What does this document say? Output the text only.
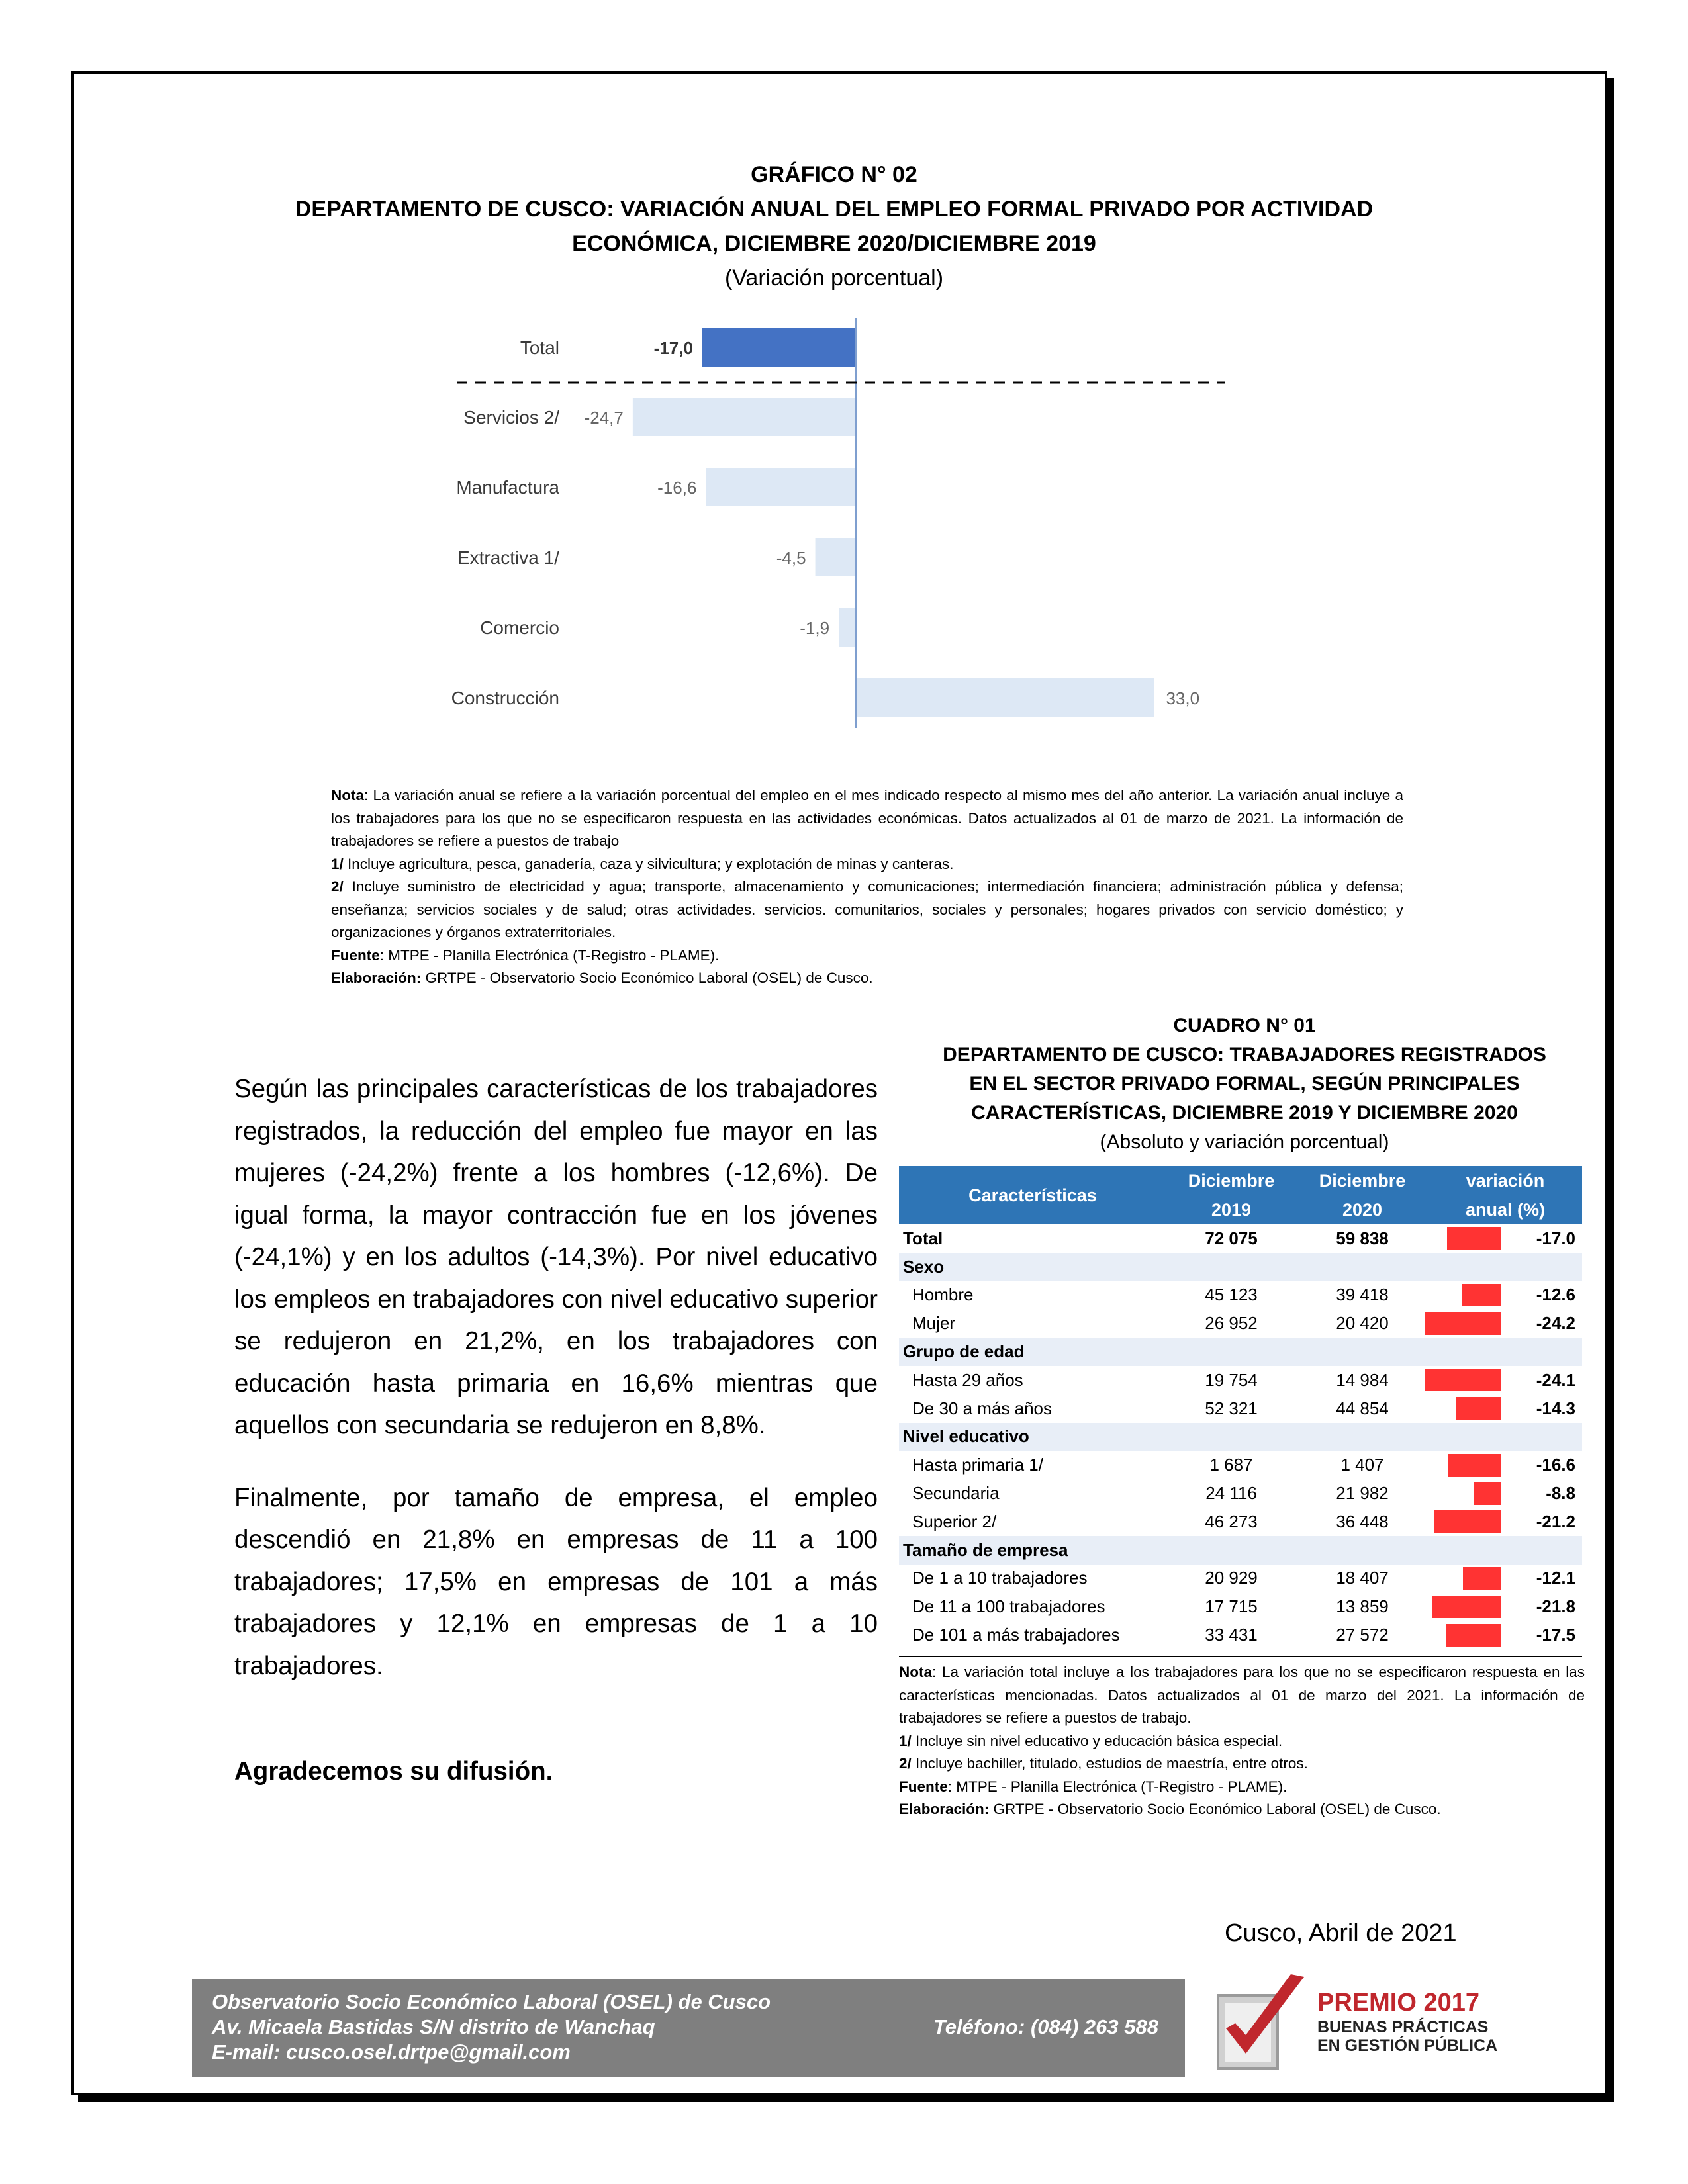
GRÁFICO N° 02
DEPARTAMENTO DE CUSCO: VARIACIÓN ANUAL DEL EMPLEO FORMAL PRIVADO POR ACTIVIDAD
ECONÓMICA, DICIEMBRE 2020/DICIEMBRE 2019
(Variación porcentual)
Total	-17,0
Servicios 2/ -24,7
Manufactura	-16,6
Extractiva 1/	-4,5
Comercio	-1,9
Construcción	33,0

Nota: La variación anual se refiere a la variación porcentual del empleo en el mes indicado respecto al mismo mes del año anterior. La variación anual incluye a los trabajadores para los que no se especificaron respuesta en las actividades económicas. Datos actualizados al 01 de marzo de 2021. La información de trabajadores se refiere a puestos de trabajo

1/ Incluye agricultura, pesca, ganadería, caza y silvicultura; y explotación de minas y canteras.

2/ Incluye suministro de electricidad y agua; transporte, almacenamiento y comunicaciones; intermediación financiera; administración pública y defensa; enseñanza; servicios sociales y de salud; otras actividades. servicios. comunitarios, sociales y personales; hogares privados con servicio doméstico; y organizaciones y órganos extraterritoriales.

Fuente: MTPE - Planilla Electrónica (T-Registro - PLAME).

Elaboración: GRTPE - Observatorio Socio Económico Laboral (OSEL) de Cusco.

Según las principales características de los trabajadores registrados, la reducción del empleo fue mayor en las mujeres (-24,2%) frente a los hombres (-12,6%). De igual forma, la mayor contracción fue en los jóvenes (-24,1%) y en los adultos (-14,3%). Por nivel educativo los empleos en trabajadores con nivel educativo superior se redujeron en 21,2%, en los trabajadores con educación hasta primaria en 16,6% mientras que aquellos con secundaria se redujeron en 8,8%.

Finalmente, por tamaño de empresa, el empleo descendió en 21,8% en empresas de 11 a 100 trabajadores; 17,5% en empresas de 101 a más trabajadores y 12,1% en empresas de 1 a 10 trabajadores.

Agradecemos su difusión.

CUADRO N° 01
DEPARTAMENTO DE CUSCO: TRABAJADORES REGISTRADOS
EN EL SECTOR PRIVADO FORMAL, SEGÚN PRINCIPALES
CARACTERÍSTICAS, DICIEMBRE 2019 Y DICIEMBRE 2020
(Absoluto y variación porcentual)
Características	Diciembre	Diciembre	variación	
	2019	2020	anual (%)	
Total	72 075	59 838		-17.0
Sexo				
Hombre	45 123	39 418		-12.6
Mujer	26 952	20 420		-24.2
Grupo de edad				
Hasta 29 años	19 754	14 984		-24.1
De 30 a más años	52 321	44 854		-14.3
Nivel educativo				
Hasta primaria 1/	1 687	1 407		-16.6
Secundaria	24 116	21 982		-8.8
Superior 2/	46 273	36 448		-21.2
Tamaño de empresa				
De 1 a 10 trabajadores	20 929	18 407		-12.1
De 11 a 100 trabajadores	17 715	13 859		-21.8
De 101 a más trabajadores	33 431	27 572		-17.5

Nota: La variación total incluye a los trabajadores para los que no se especificaron respuesta en las características mencionadas. Datos actualizados al 01 de marzo del 2021. La información de trabajadores se refiere a puestos de trabajo.

1/ Incluye sin nivel educativo y educación básica especial.

2/ Incluye bachiller, titulado, estudios de maestría, entre otros.

Fuente: MTPE - Planilla Electrónica (T-Registro - PLAME).

Elaboración: GRTPE - Observatorio Socio Económico Laboral (OSEL) de Cusco.

Cusco, Abril de 2021
Observatorio Socio Económico Laboral (OSEL) de Cusco
Av. Micaela Bastidas S/N distrito de Wanchaq
E-mail: cusco.osel.drtpe@gmail.com
Teléfono: (084) 263 588
PREMIO 2017
BUENAS PRÁCTICAS
EN GESTIÓN PÚBLICA
